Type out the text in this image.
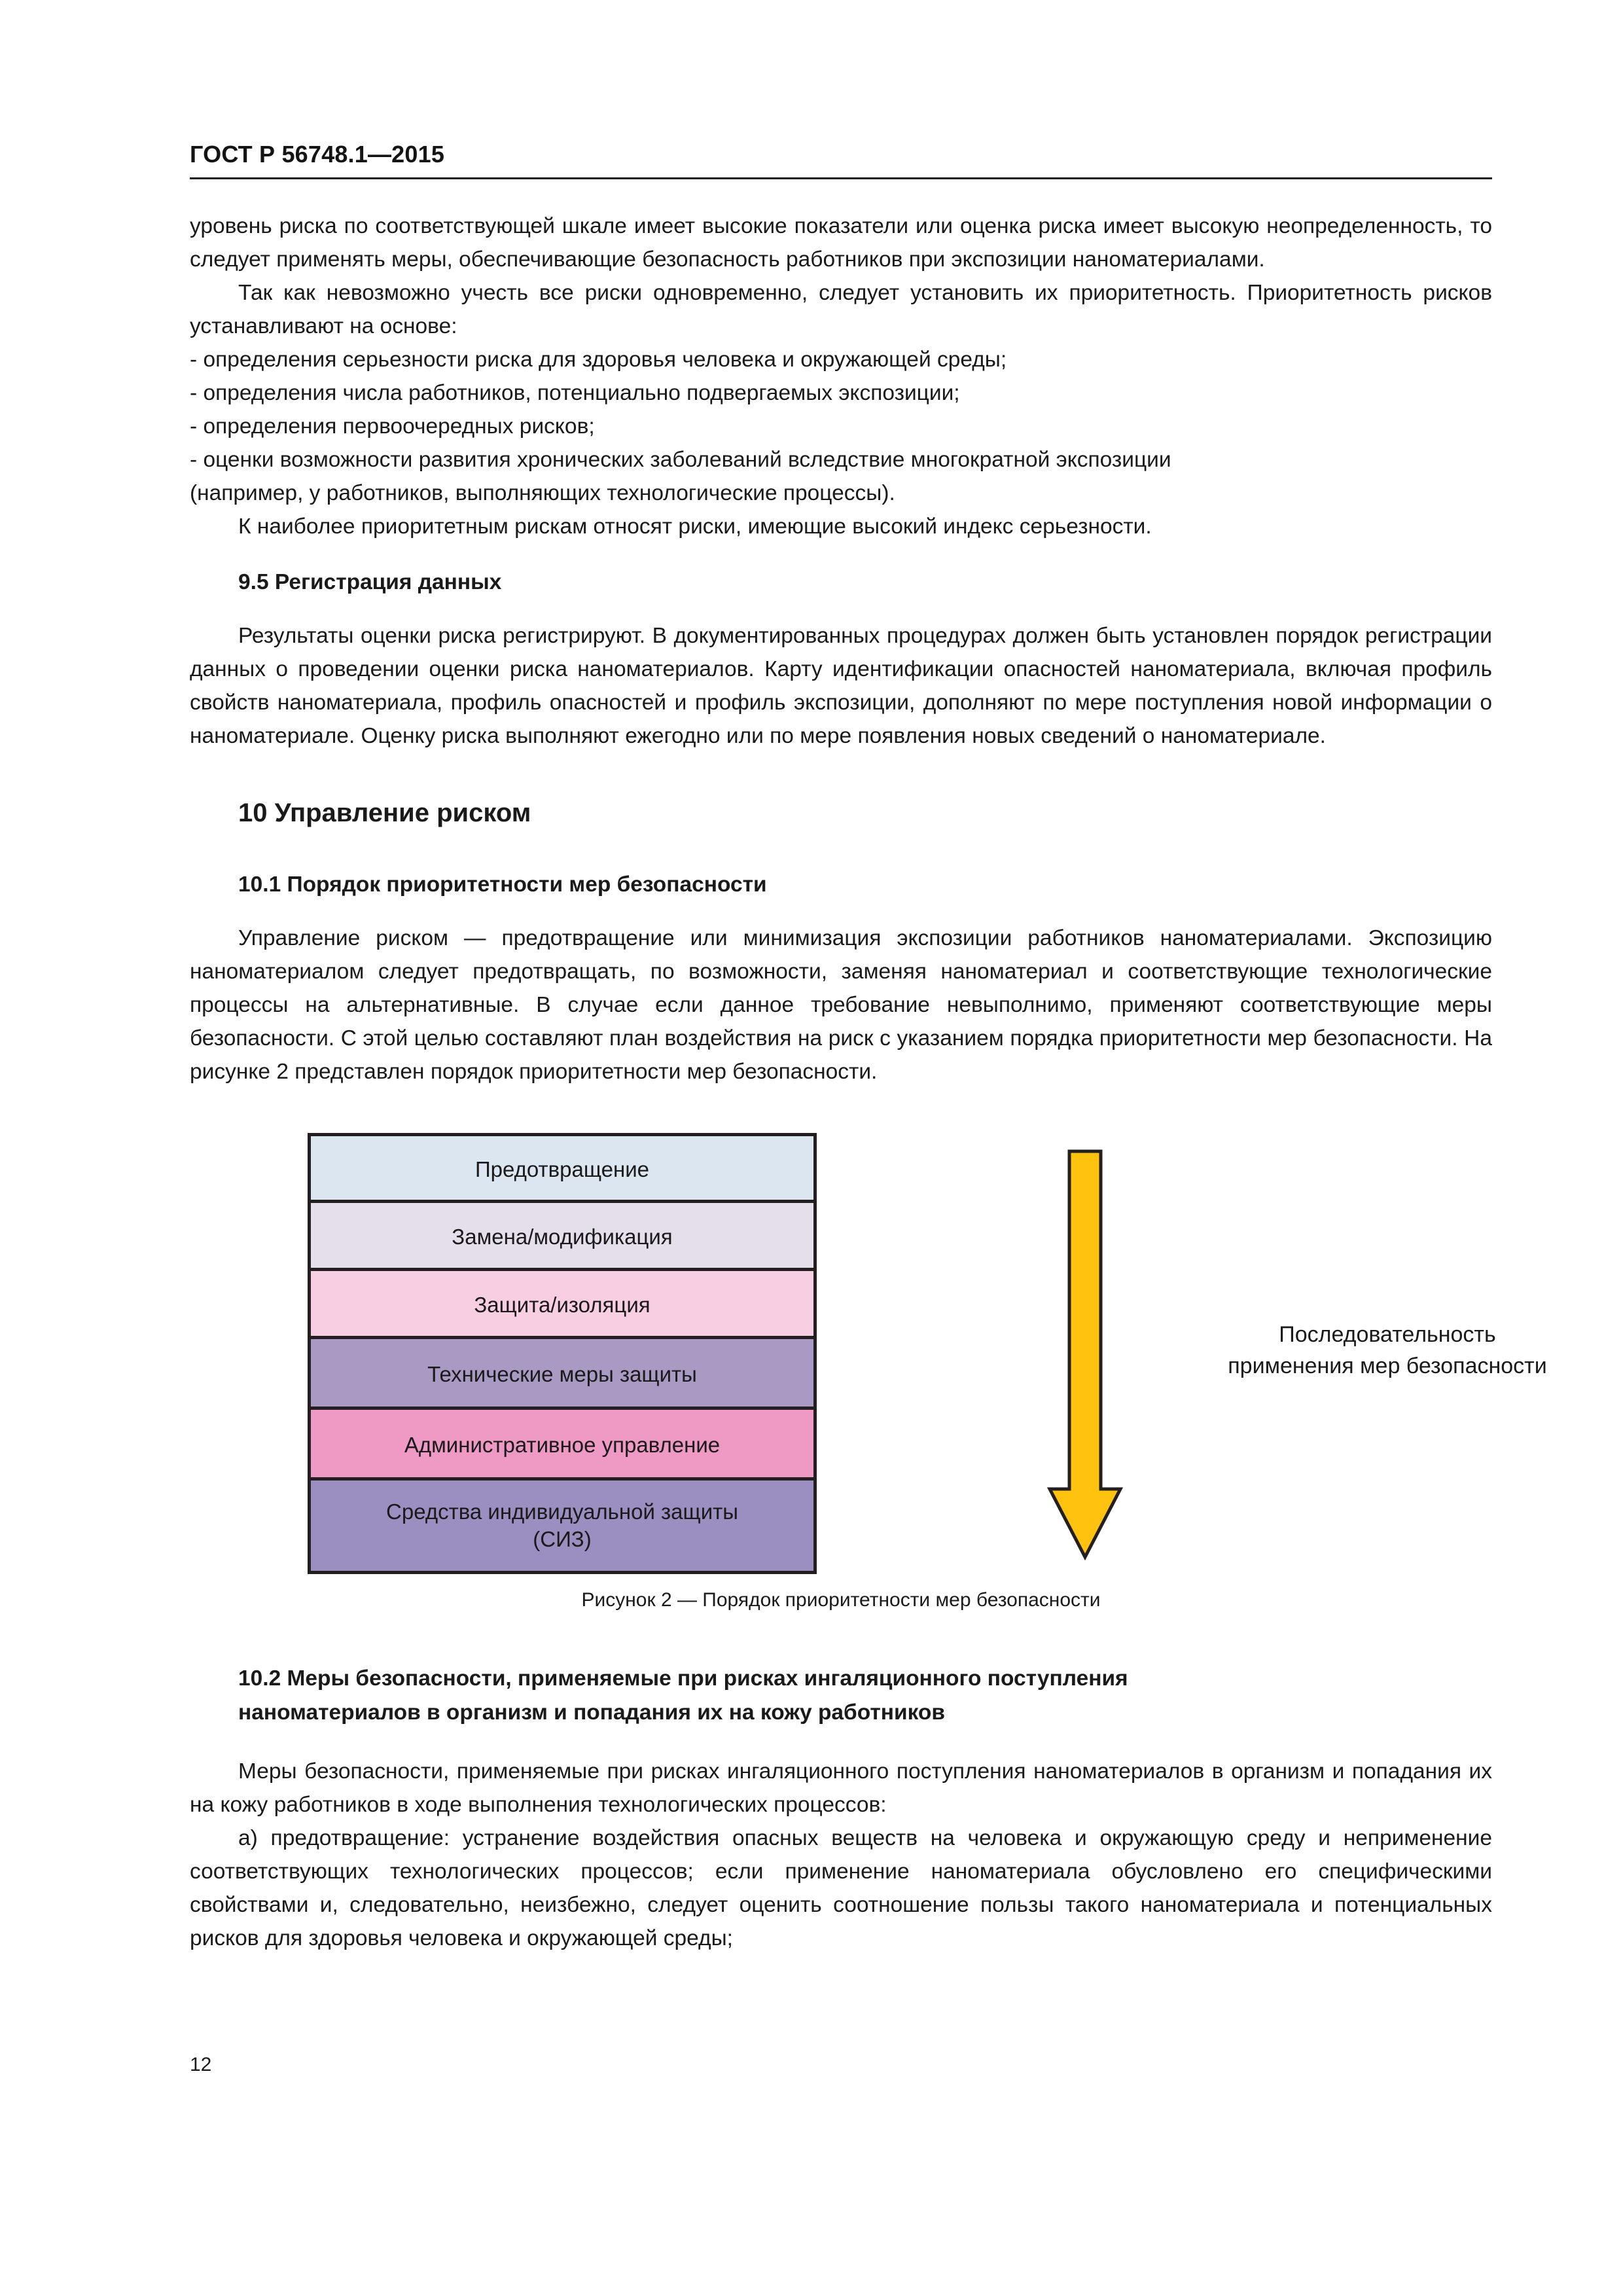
ГОСТ Р 56748.1—2015

уровень риска по соответствующей шкале имеет высокие показатели или оценка риска имеет высокую неопределенность, то следует применять меры, обеспечивающие безопасность работников при экспозиции наноматериалами.

Так как невозможно учесть все риски одновременно, следует установить их приоритетность. Приоритетность рисков устанавливают на основе:

- определения серьезности риска для здоровья человека и окружающей среды;
- определения числа работников, потенциально подвергаемых экспозиции;
- определения первоочередных рисков;
- оценки возможности развития хронических заболеваний вследствие многократной экспозиции

(например, у работников, выполняющих технологические процессы).

К наиболее приоритетным рискам относят риски, имеющие высокий индекс серьезности.

9.5 Регистрация данных

Результаты оценки риска регистрируют. В документированных процедурах должен быть установлен порядок регистрации данных о проведении оценки риска наноматериалов. Карту идентификации опасностей наноматериала, включая профиль свойств наноматериала, профиль опасностей и профиль экспозиции, дополняют по мере поступления новой информации о наноматериале. Оценку риска выполняют ежегодно или по мере появления новых сведений о наноматериале.

10 Управление риском
10.1 Порядок приоритетности мер безопасности

Управление риском — предотвращение или минимизация экспозиции работников наноматериалами. Экспозицию наноматериалом следует предотвращать, по возможности, заменяя наноматериал и соответствующие технологические процессы на альтернативные. В случае если данное требование невыполнимо, применяют соответствующие меры безопасности. С этой целью составляют план воздействия на риск с указанием порядка приоритетности мер безопасности. На рисунке 2 представлен порядок приоритетности мер безопасности.

Предотвращение
Замена/модификация
Защита/изоляция
Технические меры защиты
Административное управление
Средства индивидуальной защиты
(СИЗ)
Последовательность
применения мер безопасности
Рисунок 2 — Порядок приоритетности мер безопасности
10.2 Меры безопасности, применяемые при рисках ингаляционного поступления
наноматериалов в организм и попадания их на кожу работников

Меры безопасности, применяемые при рисках ингаляционного поступления наноматериалов в организм и попадания их на кожу работников в ходе выполнения технологических процессов:

а) предотвращение: устранение воздействия опасных веществ на человека и окружающую среду и неприменение соответствующих технологических процессов; если применение наноматериала обусловлено его специфическими свойствами и, следовательно, неизбежно, следует оценить соотношение пользы такого наноматериала и потенциальных рисков для здоровья человека и окружающей среды;

12
